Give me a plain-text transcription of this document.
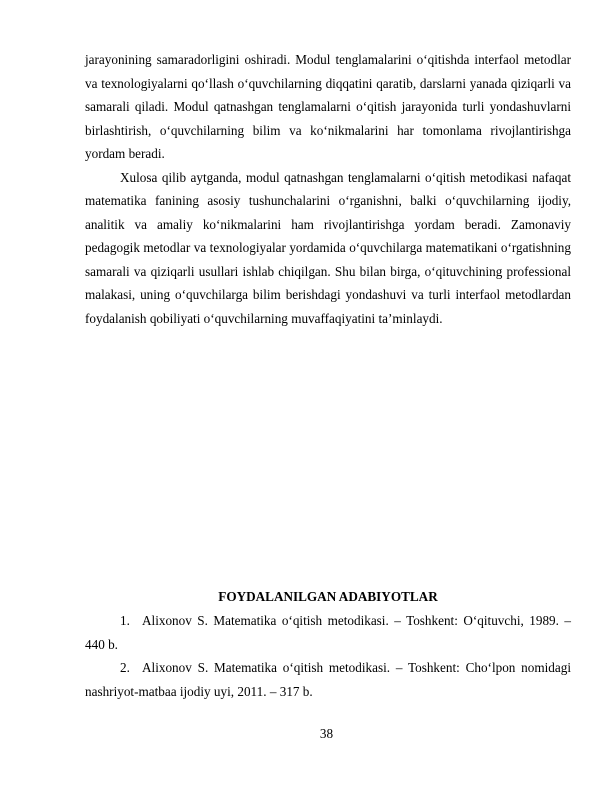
jarayonining samaradorligini oshiradi. Modul tenglamalarini o‘qitishda interfaol metodlar va texnologiyalarni qo‘llash o‘quvchilarning diqqatini qaratib, darslarni yanada qiziqarli va samarali qiladi. Modul qatnashgan tenglamalarni o‘qitish jarayonida turli yondashuvlarni birlashtirish, o‘quvchilarning bilim va ko‘nikmalarini har tomonlama rivojlantirishga yordam beradi.

Xulosa qilib aytganda, modul qatnashgan tenglamalarni o‘qitish metodikasi nafaqat matematika fanining asosiy tushunchalarini o‘rganishni, balki o‘quvchilarning ijodiy, analitik va amaliy ko‘nikmalarini ham rivojlantirishga yordam beradi. Zamonaviy pedagogik metodlar va texnologiyalar yordamida o‘quvchilarga matematikani o‘rgatishning samarali va qiziqarli usullari ishlab chiqilgan. Shu bilan birga, o‘qituvchining professional malakasi, uning o‘quvchilarga bilim berishdagi yondashuvi va turli interfaol metodlardan foydalanish qobiliyati o‘quvchilarning muvaffaqiyatini ta’minlaydi.

FOYDALANILGAN ADABIYOTLAR

1. Alixonov S. Matematika o‘qitish metodikasi. – Toshkent: O‘qituvchi, 1989. – 440 b.

2. Alixonov S. Matematika o‘qitish metodikasi. – Toshkent: Cho‘lpon nomidagi nashriyot-matbaa ijodiy uyi, 2011. – 317 b.

38
